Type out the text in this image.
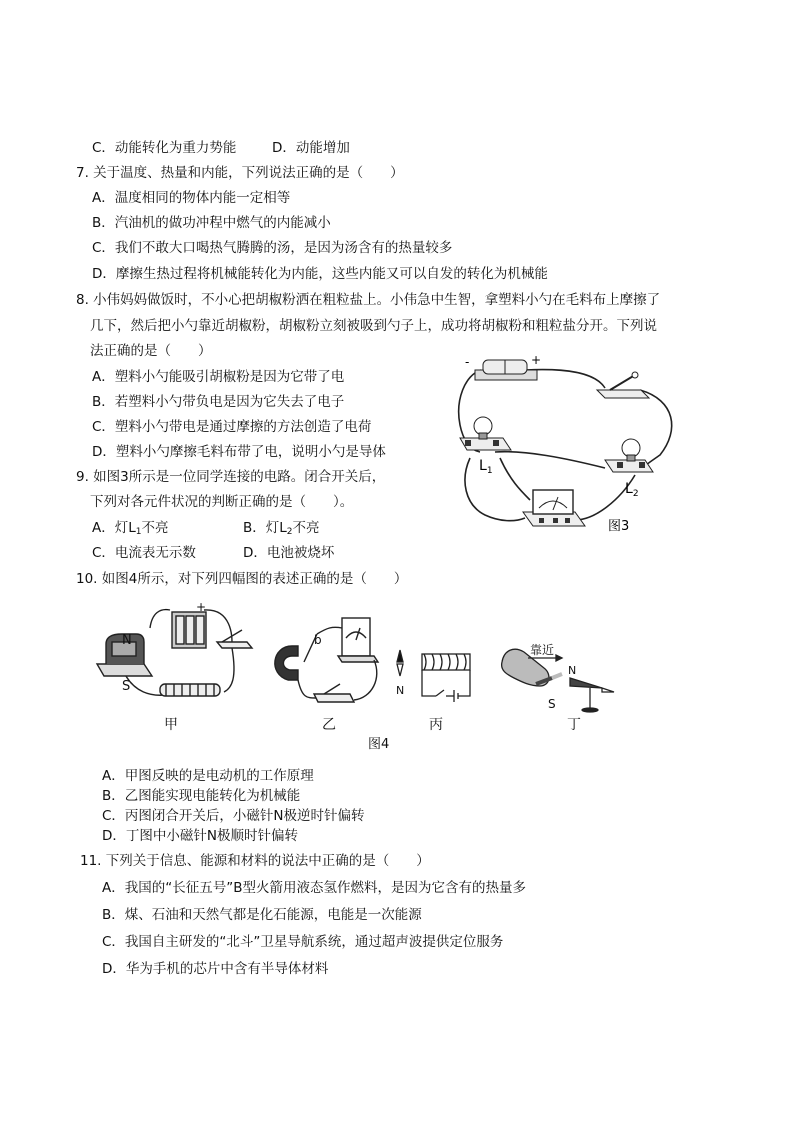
C．动能转化为重力势能	D．动能增加
7. 关于温度、热量和内能，下列说法正确的是（　　）
A．温度相同的物体内能一定相等
B．汽油机的做功冲程中燃气的内能减小
C．我们不敢大口喝热气腾腾的汤，是因为汤含有的热量较多
D．摩擦生热过程将机械能转化为内能，这些内能又可以自发的转化为机械能
8. 小伟妈妈做饭时，不小心把胡椒粉洒在粗粒盐上。小伟急中生智，拿塑料小勺在毛料布上摩擦了
几下，然后把小勺靠近胡椒粉，胡椒粉立刻被吸到勺子上，成功将胡椒粉和粗粒盐分开。下列说
法正确的是（　　）
A．塑料小勺能吸引胡椒粉是因为它带了电
B．若塑料小勺带负电是因为它失去了电子
C．塑料小勺带电是通过摩擦的方法创造了电荷
D．塑料小勺摩擦毛料布带了电，说明小勺是导体
9. 如图3所示是一位同学连接的电路。闭合开关后，
下列对各元件状况的判断正确的是（　　）。
A．灯$L_1$不亮	B．灯$L_2$不亮
C．电流表无示数	D．电池被烧坏
-	+
$L_1$
$L_2$
图3
10. 如图4所示，对下列四幅图的表述正确的是（　　）
N
S
- +
甲
b
乙
N
丙
靠近
N
S
丁
图4
A．甲图反映的是电动机的工作原理
B．乙图能实现电能转化为机械能
C．丙图闭合开关后，小磁针N极逆时针偏转
D．丁图中小磁针N极顺时针偏转
11. 下列关于信息、能源和材料的说法中正确的是（　　）
A．我国的“长征五号”B型火箭用液态氢作燃料，是因为它含有的热量多
B．煤、石油和天然气都是化石能源，电能是一次能源
C．我国自主研发的“北斗”卫星导航系统，通过超声波提供定位服务
D．华为手机的芯片中含有半导体材料
